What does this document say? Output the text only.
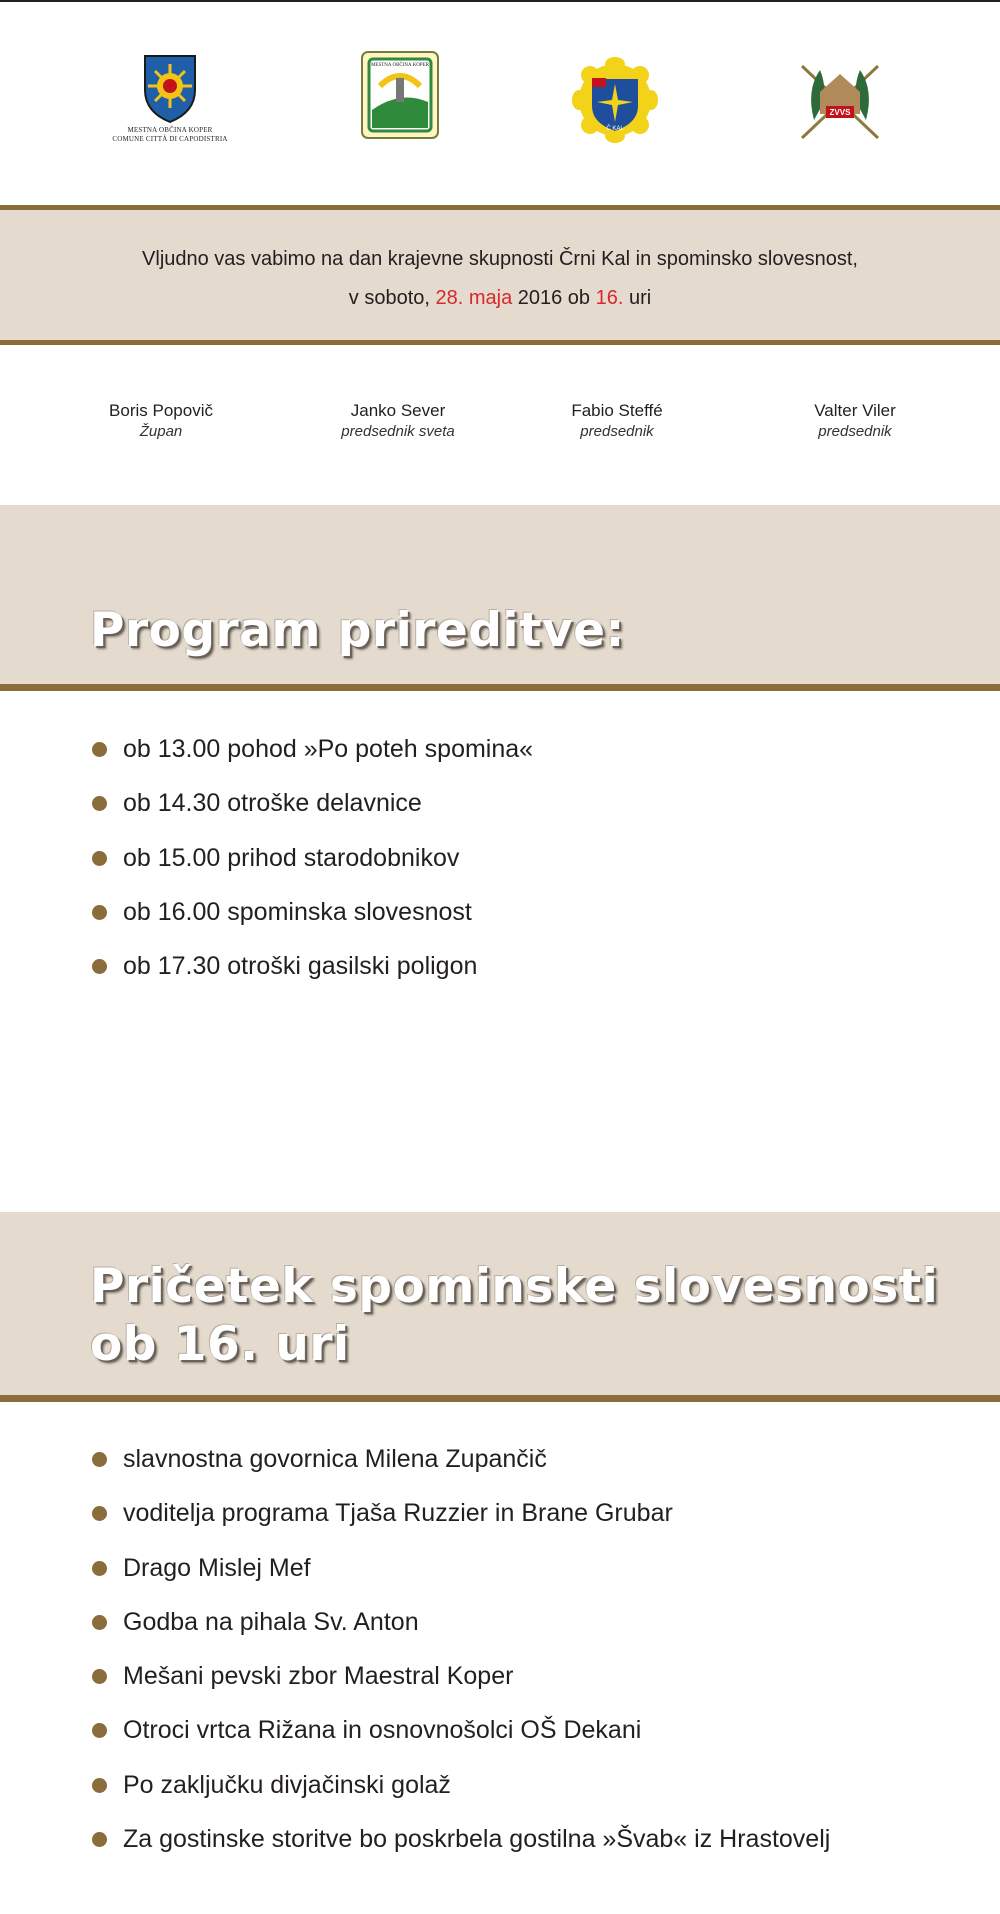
MESTNA OBČINA KOPER
COMUNE CITTÀ DI CAPODISTRIA
MESTNA OBČINA KOPER
Č KAL
ZVVS
Vljudno vas vabimo na dan krajevne skupnosti Črni Kal in spominsko slovesnost,
v soboto, 28. maja 2016 ob 16. uri
Boris Popovič
Župan
Janko Sever
predsednik sveta
Fabio Steffé
predsednik
Valter Viler
predsednik
Program prireditve:
ob 13.00 pohod »Po poteh spomina«
ob 14.30 otroške delavnice
ob 15.00 prihod starodobnikov
ob 16.00 spominska slovesnost
ob 17.30 otroški gasilski poligon
Pričetek spominske slovesnosti
ob 16. uri
slavnostna govornica Milena Zupančič
voditelja programa Tjaša Ruzzier in Brane Grubar
Drago Mislej Mef
Godba na pihala Sv. Anton
Mešani pevski zbor Maestral Koper
Otroci vrtca Rižana in osnovnošolci OŠ Dekani
Po zaključku divjačinski golaž
Za gostinske storitve bo poskrbela gostilna »Švab« iz Hrastovelj
